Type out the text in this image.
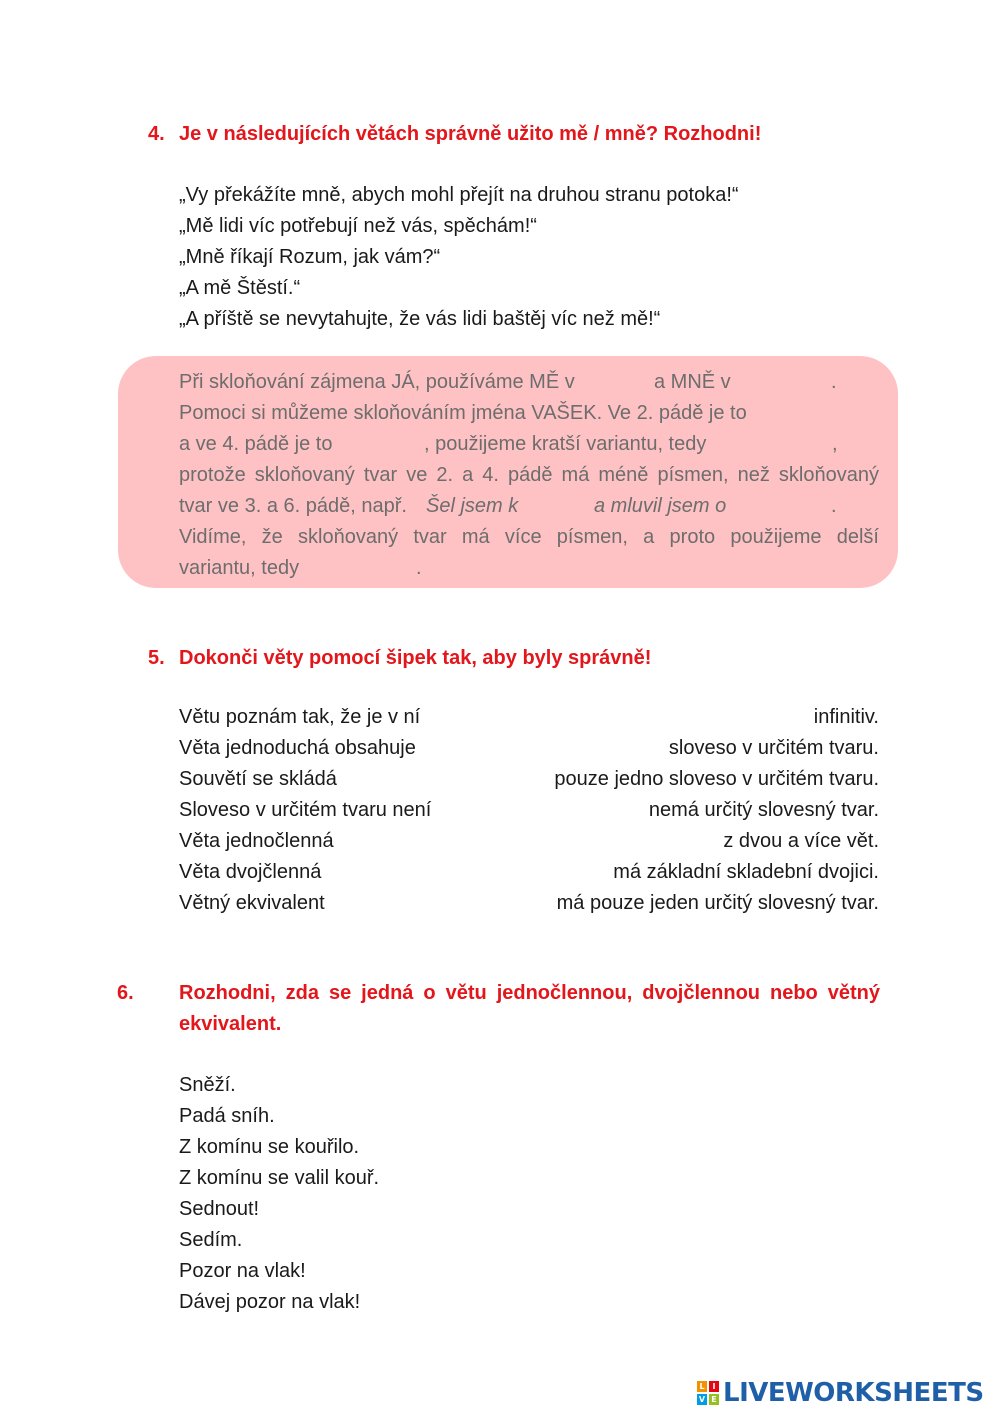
4. Je v následujících větách správně užito mě / mně? Rozhodni!
„Vy překážíte mně, abych mohl přejít na druhou stranu potoka!“
„Mě lidi víc potřebují než vás, spěchám!“
„Mně říkají Rozum, jak vám?“
„A mě Štěstí.“
„A příště se nevytahujte, že vás lidi baštěj víc než mě!“
Při skloňování zájmena JÁ, používáme MĚ v	a MNĚ v	.
Pomoci si můžeme skloňováním jména VAŠEK. Ve 2. pádě je to
a ve 4. pádě je to	, použijeme kratší variantu, tedy	,
protože skloňovaný tvar ve 2. a 4. pádě má méně písmen, než skloňovaný
tvar ve 3. a 6. pádě, např. Šel jsem k	a mluvil jsem o	.
Vidíme, že skloňovaný tvar má více písmen, a proto použijeme delší
variantu, tedy	.
5. Dokonči věty pomocí šipek tak, aby byly správně!
Větu poznám tak, že je v ní	infinitiv.
Věta jednoduchá obsahuje	sloveso v určitém tvaru.
Souvětí se skládá	pouze jedno sloveso v určitém tvaru.
Sloveso v určitém tvaru není	nemá určitý slovesný tvar.
Věta jednočlenná	z dvou a více vět.
Věta dvojčlenná	má základní skladební dvojici.
Větný ekvivalent	má pouze jeden určitý slovesný tvar.
6. Rozhodni, zda se jedná o větu jednočlennou, dvojčlennou nebo větný ekvivalent.
Sněží.
Padá sníh.
Z komínu se kouřilo.
Z komínu se valil kouř.
Sednout!
Sedím.
Pozor na vlak!
Dávej pozor na vlak!
L I
V E LIVEWORKSHEETS
